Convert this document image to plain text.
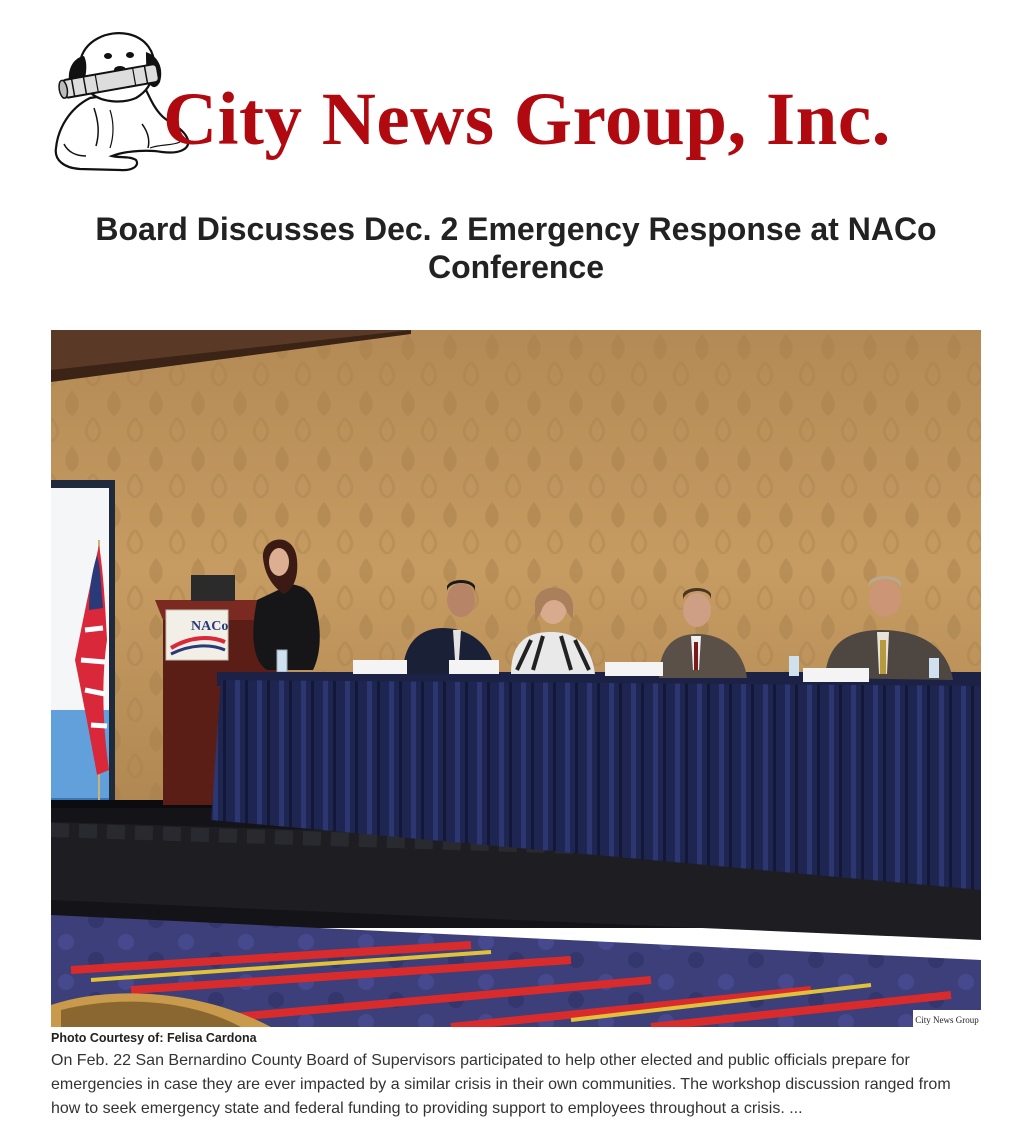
City News Group, Inc.
Board Discusses Dec. 2 Emergency Response at NACo Conference
NACo
City News Group
Photo Courtesy of: Felisa Cardona

On Feb. 22 San Bernardino County Board of Supervisors participated to help other elected and public officials prepare for emergencies in case they are ever impacted by a similar crisis in their own communities. The workshop discussion ranged from how to seek emergency state and federal funding to providing support to employees throughout a crisis. ...
